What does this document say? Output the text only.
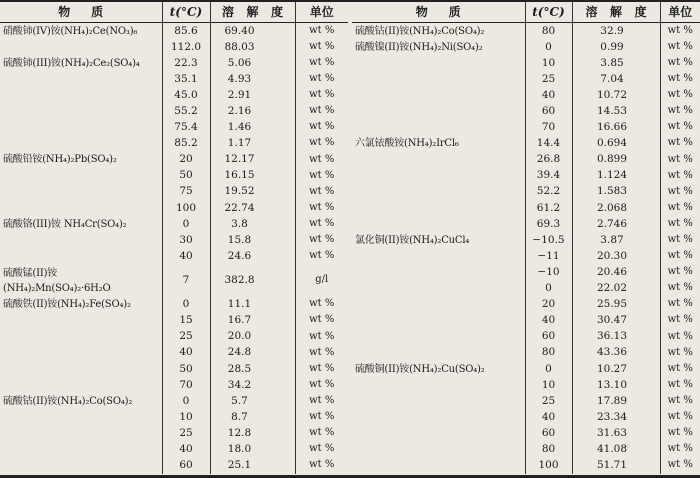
物     质	t(°C)	溶   解   度	单位

硝酸铈(IV)铵(NH₄)₂Ce(NO₃)₆	85.6	69.40	wt %

	112.0	88.03	wt %

硫酸铈(III)铵(NH₄)₂Ce₂(SO₄)₄	22.3	5.06	wt %

	35.1	4.93	wt %

	45.0	2.91	wt %

	55.2	2.16	wt %

	75.4	1.46	wt %

	85.2	1.17	wt %

硫酸铅铵(NH₄)₂Pb(SO₄)₂	20	12.17	wt %

	50	16.15	wt %

	75	19.52	wt %

	100	22.74	wt %

硫酸铬(III)铵 NH₄Cr(SO₄)₂	0	3.8	wt %

	30	15.8	wt %

	40	24.6	wt %

硫酸锰(II)铵
(NH₄)₂Mn(SO₄)₂·6H₂O	7	382.8	g/l

硫酸铁(II)铵(NH₄)₂Fe(SO₄)₂	0	11.1	wt %

	15	16.7	wt %

	25	20.0	wt %

	40	24.8	wt %

	50	28.5	wt %

	70	34.2	wt %

硫酸钴(II)铵(NH₄)₂Co(SO₄)₂	0	5.7	wt %

	10	8.7	wt %

	25	12.8	wt %

	40	18.0	wt %

	60	25.1	wt %
物     质	t(°C)	溶   解   度	单位

硫酸钴(II)铵(NH₄)₂Co(SO₄)₂	80	32.9	wt %

硫酸镍(II)铵(NH₄)₂Ni(SO₄)₂	0	0.99	wt %

	10	3.85	wt %

	25	7.04	wt %

	40	10.72	wt %

	60	14.53	wt %

	70	16.66	wt %

六氯铱酸铵(NH₄)₂IrCl₆	14.4	0.694	wt %

	26.8	0.899	wt %

	39.4	1.124	wt %

	52.2	1.583	wt %

	61.2	2.068	wt %

	69.3	2.746	wt %

氯化铜(II)铵(NH₄)₂CuCl₄	−10.5	3.87	wt %

	−11	20.30	wt %

	−10	20.46	wt %

	0	22.02	wt %

	20	25.95	wt %

	40	30.47	wt %

	60	36.13	wt %

	80	43.36	wt %

硫酸铜(II)铵(NH₄)₂Cu(SO₄)₂	0	10.27	wt %

	10	13.10	wt %

	25	17.89	wt %

	40	23.34	wt %

	60	31.63	wt %

	80	41.08	wt %

	100	51.71	wt %
